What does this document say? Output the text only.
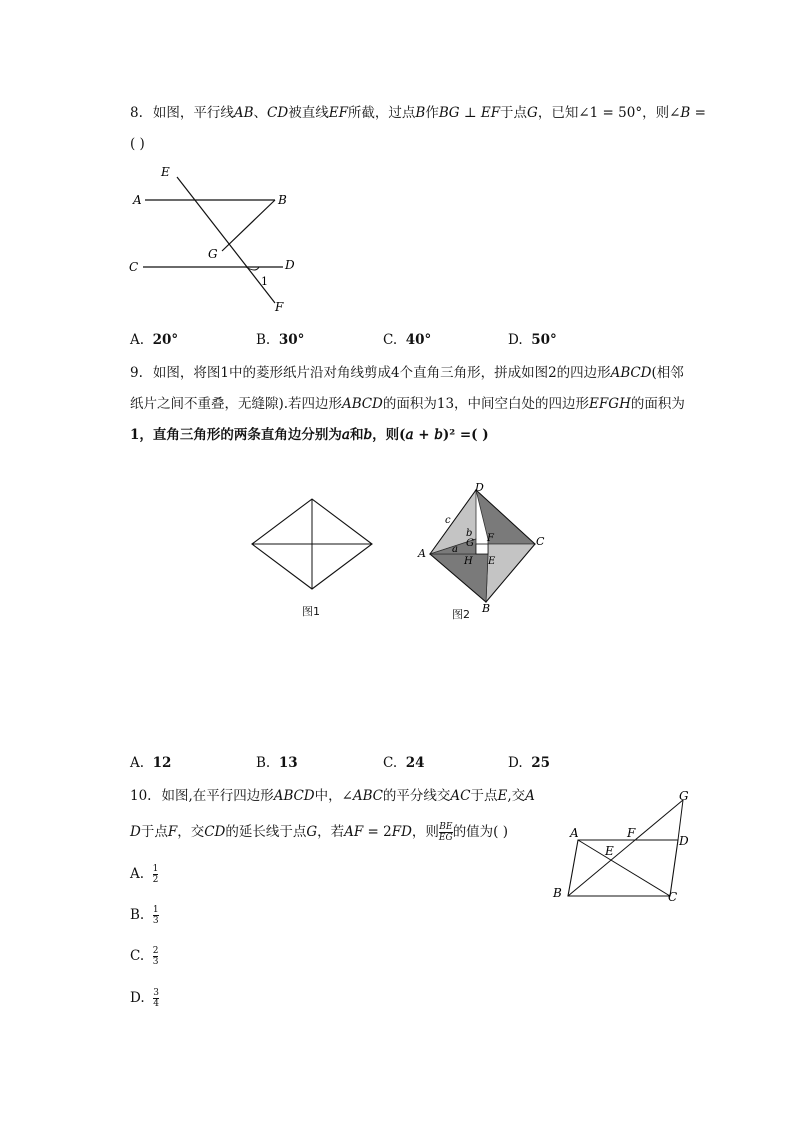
8. 如图，平行线𝐴𝐵、𝐶𝐷被直线𝐸𝐹所截，过点𝐵作𝐵𝐺 ⊥ 𝐸𝐹于点𝐺，已知∠1 = 50°，则∠𝐵 =
( )
E
A	B
G
C	D
1
F
A. 20°	B. 30°	C. 40°	D. 50°
9. 如图，将图1中的菱形纸片沿对角线剪成4个直角三角形，拼成如图2的四边形𝐴𝐵𝐶𝐷(相邻
纸片之间不重叠，无缝隙).若四边形𝐴𝐵𝐶𝐷的面积为13，中间空白处的四边形𝐸𝐹𝐺𝐻的面积为
1，直角三角形的两条直角边分别为𝑎和𝑏，则(𝑎 + 𝑏)² =( )
图1
D
c
b
G F	C
A	a
H E
B
图2
A. 12	B. 13	C. 24	D. 25
10. 如图,在平行四边形𝐴𝐵𝐶𝐷中，∠𝐴𝐵𝐶的平分线交𝐴𝐶于点𝐸,交𝐴
𝐷于点𝐹，交𝐶𝐷的延长线于点𝐺，若𝐴𝐹 = 2𝐹𝐷，则 $\frac{\text{𝐵𝐸}}{\text{𝐸𝐺}}$ 的值为( )
G
A	F
D
E
B	C
A. $\frac{1}{2}$
B. $\frac{1}{3}$
C. $\frac{2}{3}$
D. $\frac{3}{4}$
